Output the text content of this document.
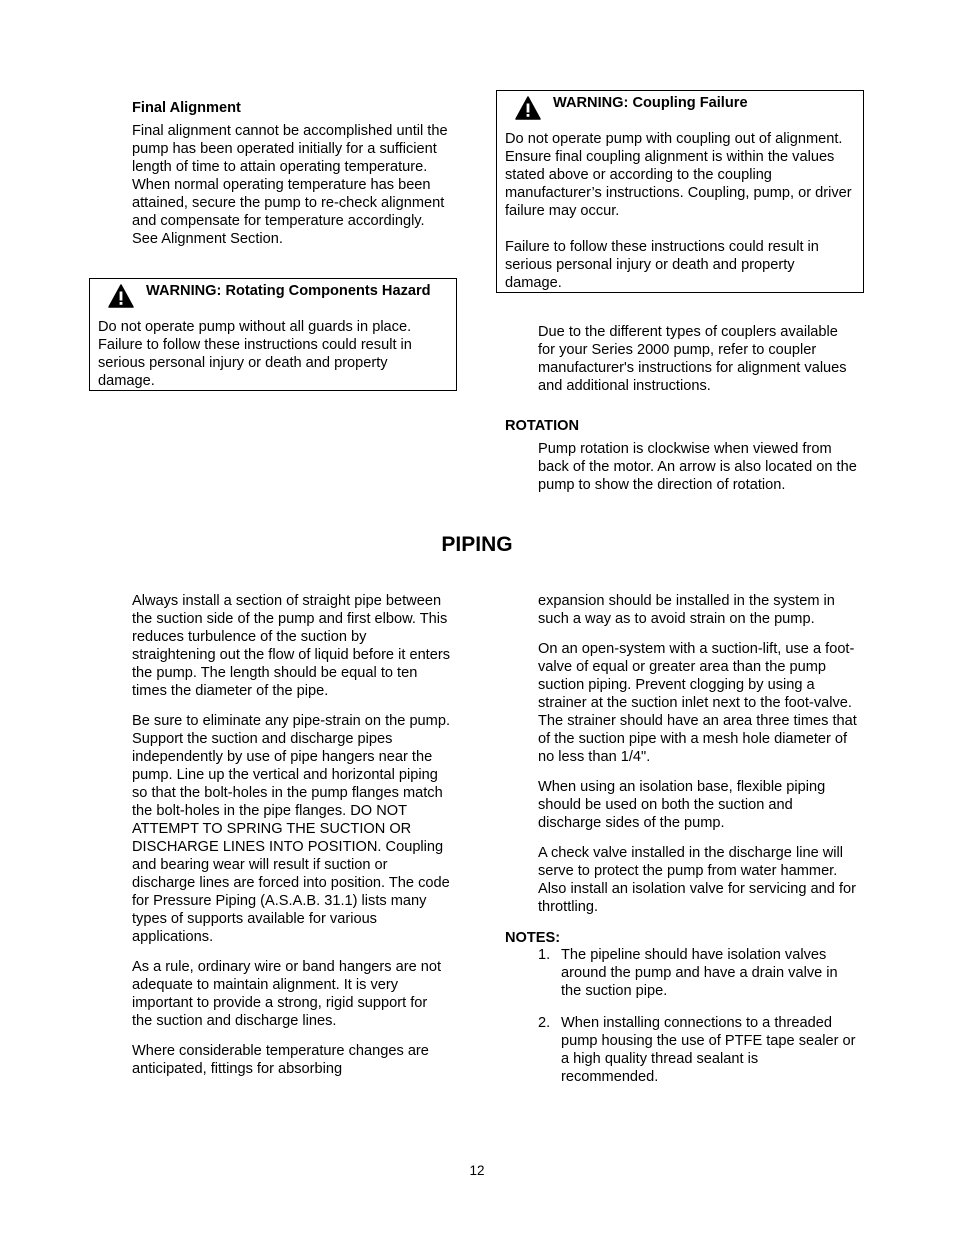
Final Alignment

Final alignment cannot be accomplished until the pump has been operated initially for a sufficient length of time to attain operating temperature. When normal operating temperature has been attained, secure the pump to re-check alignment and compensate for temperature accordingly. See Alignment Section.

WARNING: Rotating Components Hazard

Do not operate pump without all guards in place. Failure to follow these instructions could result in serious personal injury or death and property damage.

WARNING: Coupling Failure

Do not operate pump with coupling out of alignment. Ensure final coupling alignment is within the values stated above or according to the coupling manufacturer’s instructions. Coupling, pump, or driver failure may occur.

Failure to follow these instructions could result in serious personal injury or death and property damage.

Due to the different types of couplers available for your Series 2000 pump, refer to coupler manufacturer's instructions for alignment values and additional instructions.

ROTATION

Pump rotation is clockwise when viewed from back of the motor. An arrow is also located on the pump to show the direction of rotation.

PIPING

Always install a section of straight pipe between the suction side of the pump and first elbow. This reduces turbulence of the suction by straightening out the flow of liquid before it enters the pump. The length should be equal to ten times the diameter of the pipe.

Be sure to eliminate any pipe-strain on the pump. Support the suction and discharge pipes independently by use of pipe hangers near the pump. Line up the vertical and horizontal piping so that the bolt-holes in the pump flanges match the bolt-holes in the pipe flanges. DO NOT ATTEMPT TO SPRING THE SUCTION OR DISCHARGE LINES INTO POSITION. Coupling and bearing wear will result if suction or discharge lines are forced into position. The code for Pressure Piping (A.S.A.B. 31.1) lists many types of supports available for various applications.

As a rule, ordinary wire or band hangers are not adequate to maintain alignment. It is very important to provide a strong, rigid support for the suction and discharge lines.

Where considerable temperature changes are anticipated, fittings for absorbing

expansion should be installed in the system in such a way as to avoid strain on the pump.

On an open-system with a suction-lift, use a foot-valve of equal or greater area than the pump suction piping. Prevent clogging by using a strainer at the suction inlet next to the foot-valve. The strainer should have an area three times that of the suction pipe with a mesh hole diameter of no less than 1/4".

When using an isolation base, flexible piping should be used on both the suction and discharge sides of the pump.

A check valve installed in the discharge line will serve to protect the pump from water hammer. Also install an isolation valve for servicing and for throttling.

NOTES:

1. The pipeline should have isolation valves around the pump and have a drain valve in the suction pipe.
2. When installing connections to a threaded pump housing the use of PTFE tape sealer or a high quality thread sealant is recommended.
12
